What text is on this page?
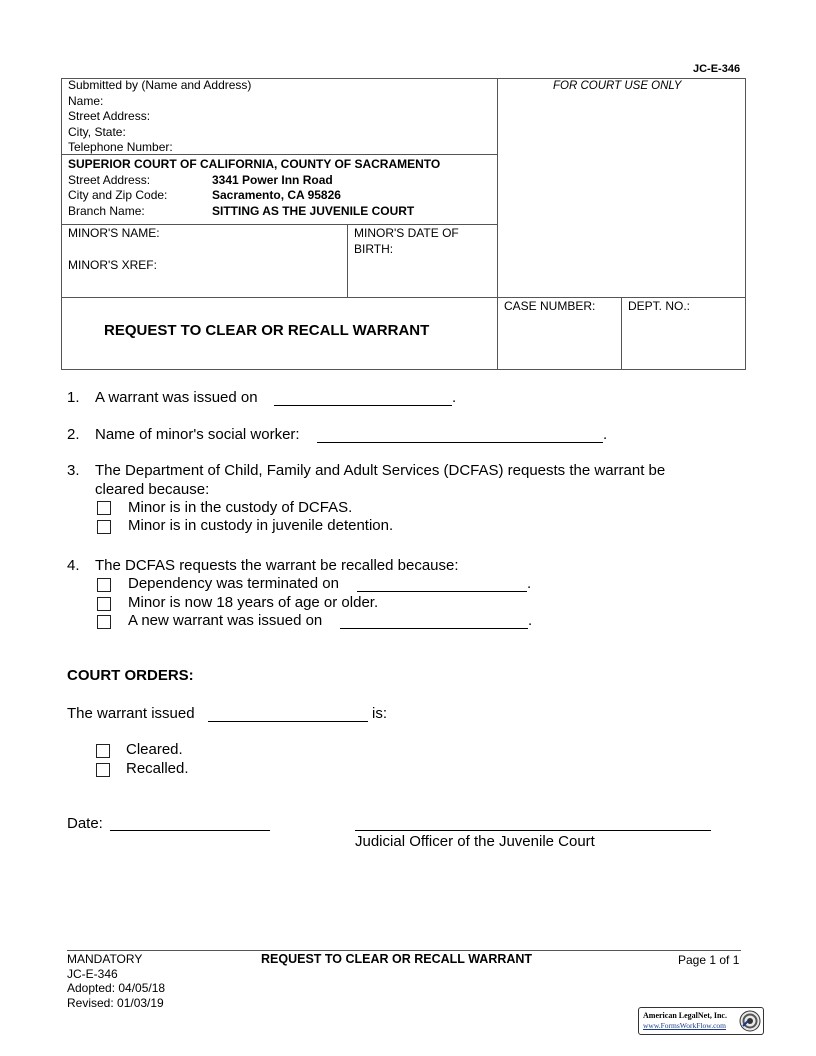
JC-E-346
Submitted by (Name and Address)
Name:
Street Address:
City, State:
Telephone Number:
FOR COURT USE ONLY
SUPERIOR COURT OF CALIFORNIA, COUNTY OF SACRAMENTO
Street Address:	3341 Power Inn Road
City and Zip Code:	Sacramento, CA 95826
Branch Name:	SITTING AS THE JUVENILE COURT
MINOR'S NAME:
MINOR'S XREF:
MINOR'S DATE OF
BIRTH:
REQUEST TO CLEAR OR RECALL WARRANT
CASE NUMBER:	DEPT. NO.:
1. A warrant was issued on	.
2. Name of minor's social worker:	.
3. The Department of Child, Family and Adult Services (DCFAS) requests the warrant be
cleared because:
Minor is in the custody of DCFAS.
Minor is in custody in juvenile detention.
4. The DCFAS requests the warrant be recalled because:
Dependency was terminated on	.
Minor is now 18 years of age or older.
A new warrant was issued on	.
COURT ORDERS:
The warrant issued	is:
Cleared.
Recalled.
Date:
Judicial Officer of the Juvenile Court
MANDATORY
JC-E-346
Adopted: 04/05/18
Revised: 01/03/19
REQUEST TO CLEAR OR RECALL WARRANT	Page 1 of 1
American LegalNet, Inc.
www.FormsWorkFlow.com
